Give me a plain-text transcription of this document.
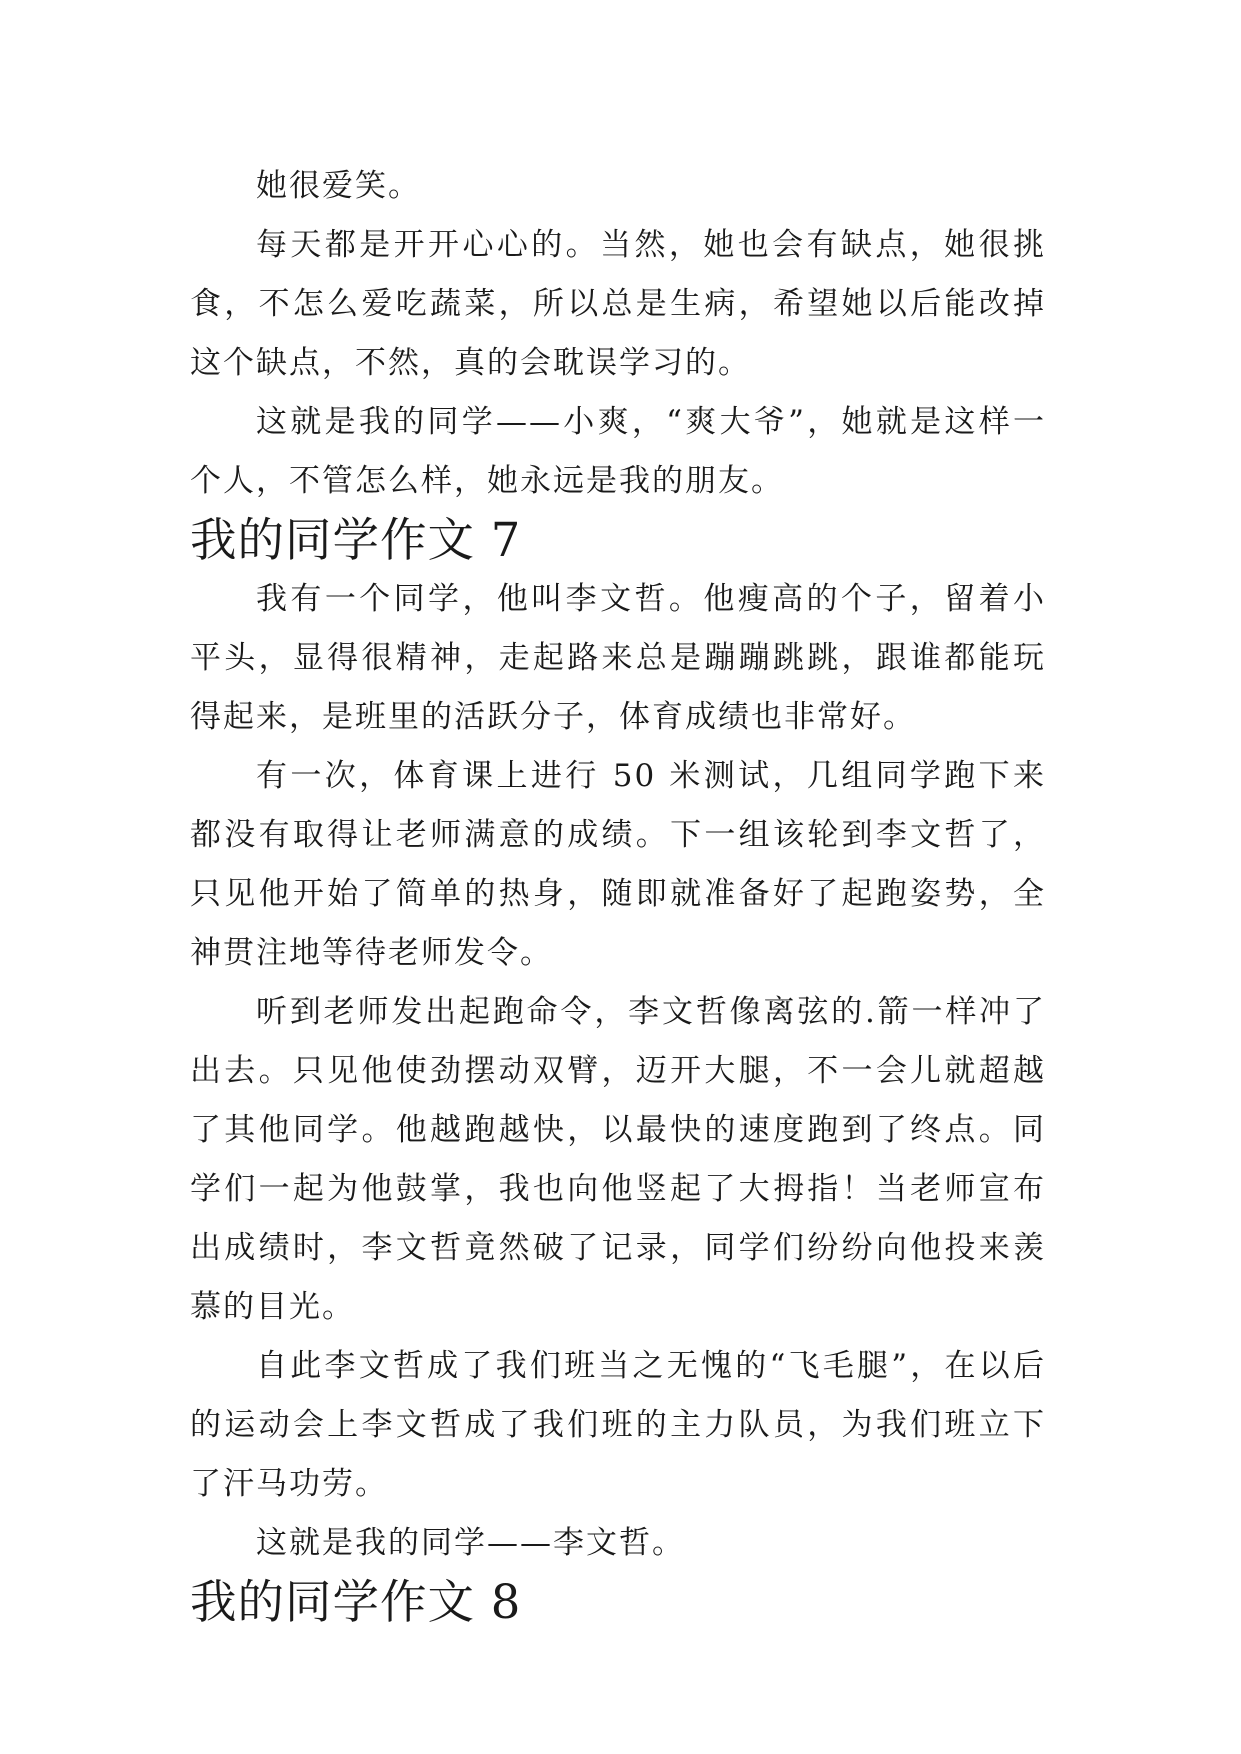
她很爱笑。

每天都是开开心心的。当然，她也会有缺点，她很挑食，不怎么爱吃蔬菜，所以总是生病，希望她以后能改掉这个缺点，不然，真的会耽误学习的。

这就是我的同学——小爽，“爽大爷”，她就是这样一个人，不管怎么样，她永远是我的朋友。

我的同学作文 7

我有一个同学，他叫李文哲。他瘦高的个子，留着小平头，显得很精神，走起路来总是蹦蹦跳跳，跟谁都能玩得起来，是班里的活跃分子，体育成绩也非常好。

有一次，体育课上进行 50 米测试，几组同学跑下来都没有取得让老师满意的成绩。下一组该轮到李文哲了，只见他开始了简单的热身，随即就准备好了起跑姿势，全神贯注地等待老师发令。

听到老师发出起跑命令，李文哲像离弦的.箭一样冲了出去。只见他使劲摆动双臂，迈开大腿，不一会儿就超越了其他同学。他越跑越快，以最快的速度跑到了终点。同学们一起为他鼓掌，我也向他竖起了大拇指！当老师宣布出成绩时，李文哲竟然破了记录，同学们纷纷向他投来羡慕的目光。

自此李文哲成了我们班当之无愧的“飞毛腿”，在以后的运动会上李文哲成了我们班的主力队员，为我们班立下了汗马功劳。

这就是我的同学——李文哲。

我的同学作文 8
